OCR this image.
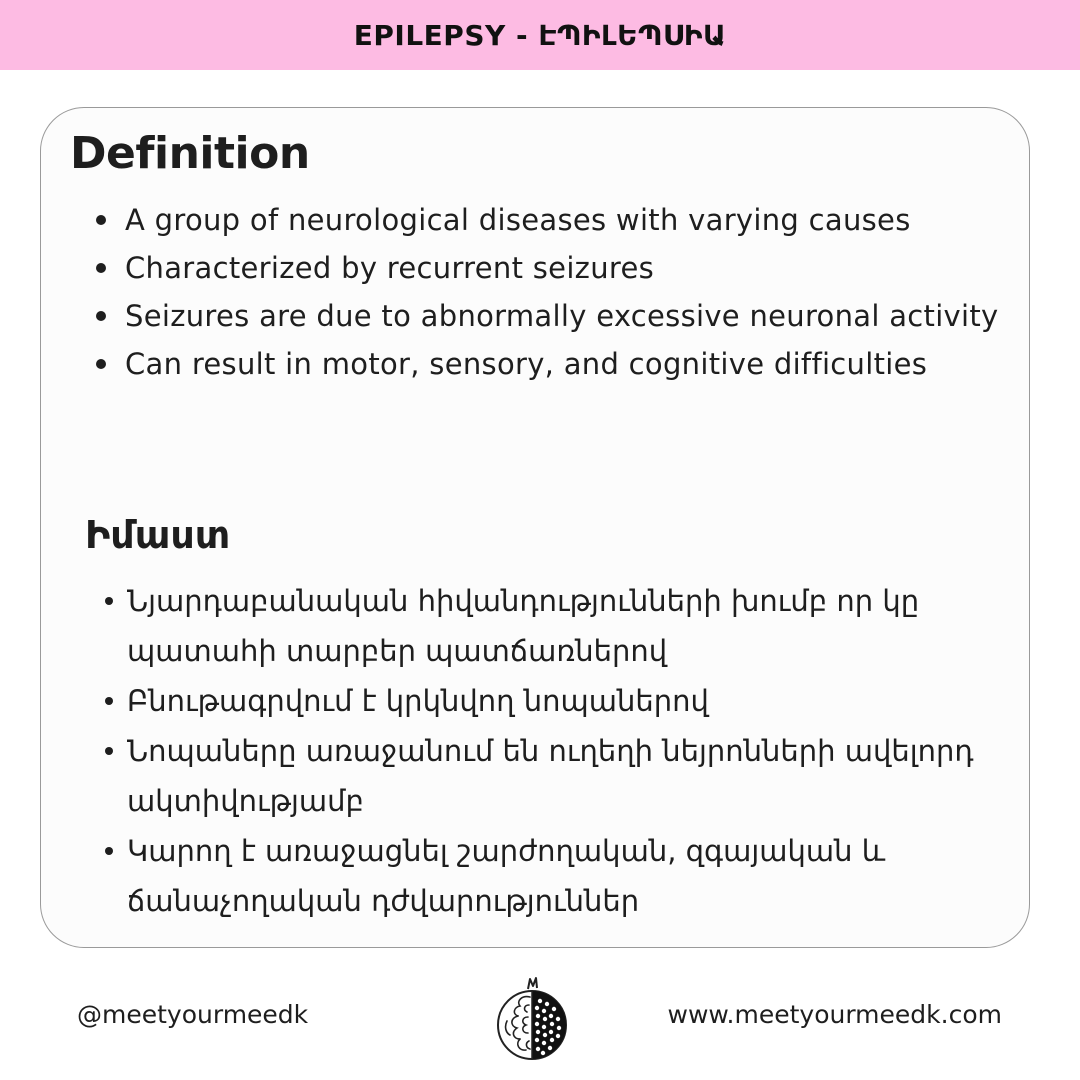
EPILEPSY - ԷՊԻԼԵՊՍԻԱ
Definition
A group of neurological diseases with varying causes
Characterized by recurrent seizures
Seizures are due to abnormally excessive neuronal activity
Can result in motor, sensory, and cognitive difficulties
Իմաստ
Նյարդաբանական հիվանդությունների խումբ որ կը պատահի տարբեր պատճառներով
Բնութագրվում է կրկնվող նոպաներով
Նոպաները առաջանում են ուղեղի նեյրոնների ավելորդ ակտիվությամբ
Կարող է առաջացնել շարժողական, զգայական և ճանաչողական դժվարություններ
@meetyourmeedk	www.meetyourmeedk.com
